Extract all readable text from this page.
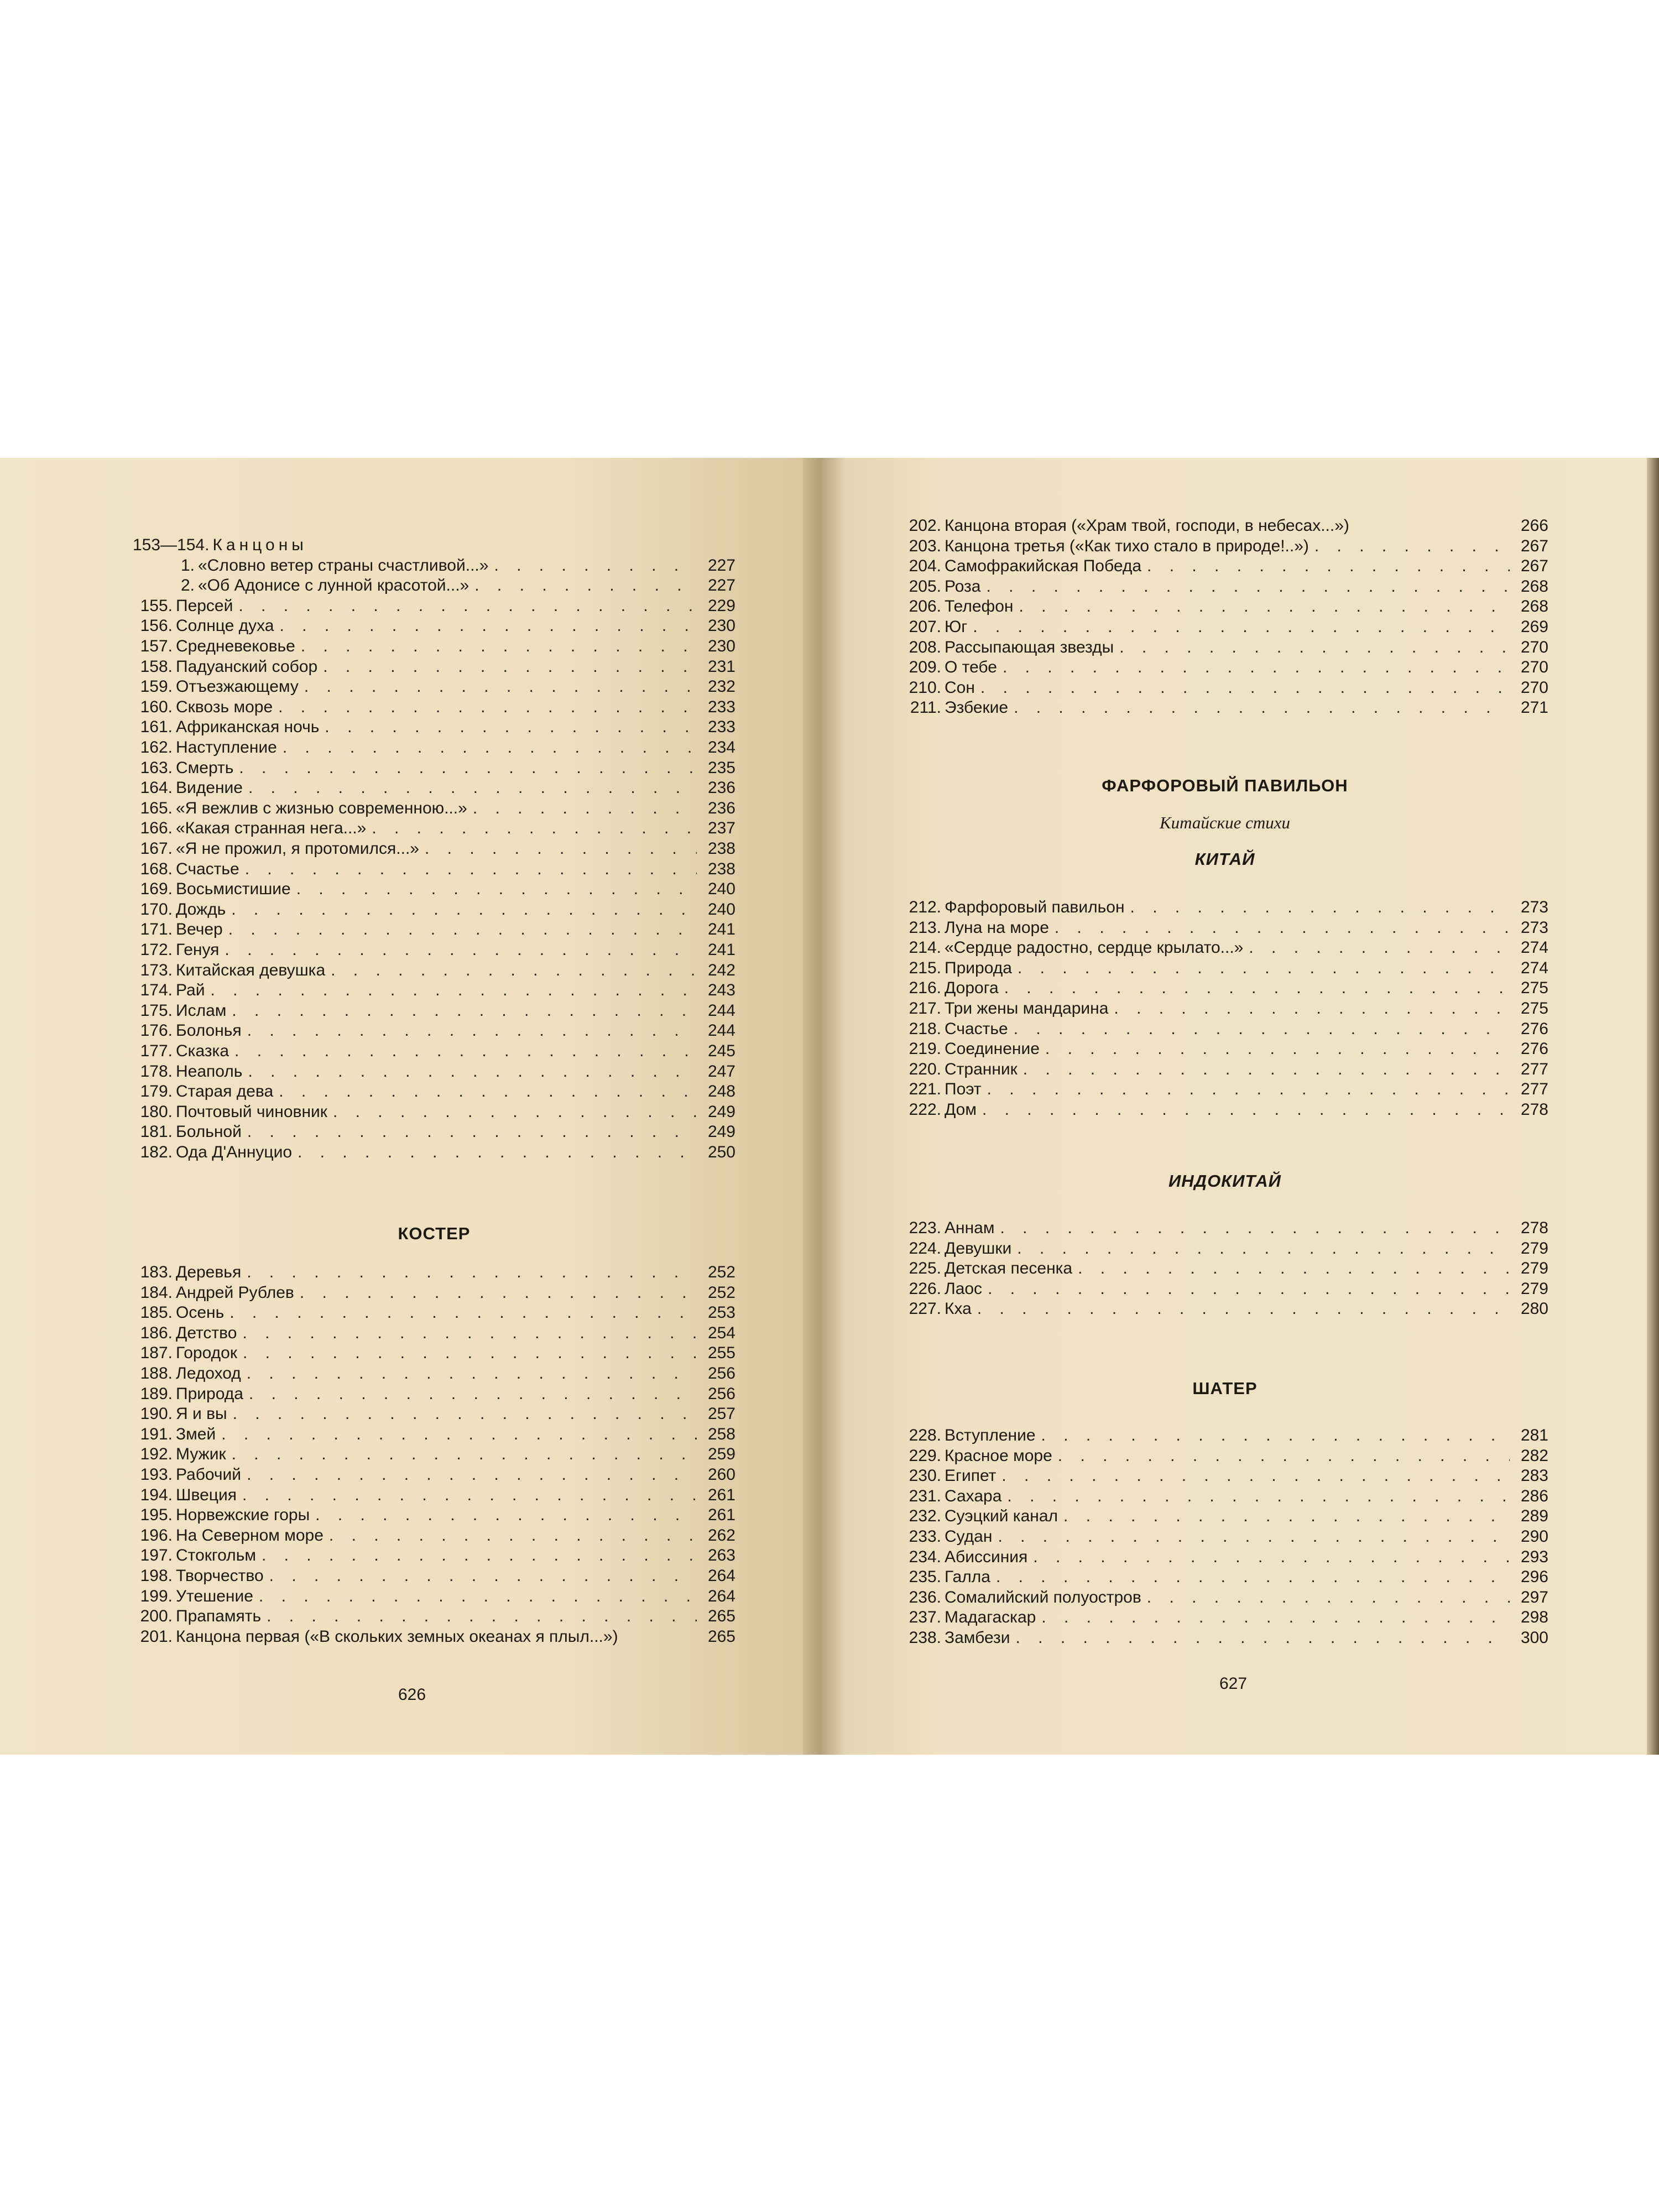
153—154. Канцоны
1. «Словно ветер страны счастливой...» . . .	227
2. «Об Адонисе с лунной красотой...» . . .	227
155. Персей . . .	229
156. Солнце духа . . .	230
157. Средневековье . . .	230
158. Падуанский собор . . .	231
159. Отъезжающему . . .	232
160. Сквозь море . . .	233
161. Африканская ночь . . .	233
162. Наступление . . .	234
163. Смерть . . .	235
164. Видение . . .	236
165. «Я вежлив с жизнью современною...» . . .	236
166. «Какая странная нега...» . . .	237
167. «Я не прожил, я протомился...» . . .	238
168. Счастье . . .	238
169. Восьмистишие . . .	240
170. Дождь . . .	240
171. Вечер . . .	241
172. Генуя . . .	241
173. Китайская девушка . . .	242
174. Рай . . .	243
175. Ислам . . .	244
176. Болонья . . .	244
177. Сказка . . .	245
178. Неаполь . . .	247
179. Старая дева . . .	248
180. Почтовый чиновник . . .	249
181. Больной . . .	249
182. Ода Д'Аннуцио . . .	250
КОСТЕР
183. Деревья . . .	252
184. Андрей Рублев . . .	252
185. Осень . . .	253
186. Детство . . .	254
187. Городок . . .	255
188. Ледоход . . .	256
189. Природа . . .	256
190. Я и вы . . .	257
191. Змей . . .	258
192. Мужик . . .	259
193. Рабочий . . .	260
194. Швеция . . .	261
195. Норвежские горы . . .	261
196. На Северном море . . .	262
197. Стокгольм . . .	263
198. Творчество . . .	264
199. Утешение . . .	264
200. Прапамять . . .	265
201. Канцона первая («В скольких земных океанах я плыл...»)	265
626
202. Канцона вторая («Храм твой, господи, в небесах...»)	266
203. Канцона третья («Как тихо стало в природе!..») . . .	267
204. Самофракийская Победа . . .	267
205. Роза . . .	268
206. Телефон . . .	268
207. Юг . . .	269
208. Рассыпающая звезды . . .	270
209. О тебе . . .	270
210. Сон . . .	270
211. Эзбекие . . .	271
ФАРФОРОВЫЙ ПАВИЛЬОН
Китайские стихи
КИТАЙ
212. Фарфоровый павильон . . .	273
213. Луна на море . . .	273
214. «Сердце радостно, сердце крылато...» . . .	274
215. Природа . . .	274
216. Дорога . . .	275
217. Три жены мандарина . . .	275
218. Счастье . . .	276
219. Соединение . . .	276
220. Странник . . .	277
221. Поэт . . .	277
222. Дом . . .	278
ИНДОКИТАЙ
223. Аннам . . .	278
224. Девушки . . .	279
225. Детская песенка . . .	279
226. Лаос . . .	279
227. Кха . . .	280
ШАТЕР
228. Вступление . . .	281
229. Красное море . . .	282
230. Египет . . .	283
231. Сахара . . .	286
232. Суэцкий канал . . .	289
233. Судан . . .	290
234. Абиссиния . . .	293
235. Галла . . .	296
236. Сомалийский полуостров . . .	297
237. Мадагаскар . . .	298
238. Замбези . . .	300
627
